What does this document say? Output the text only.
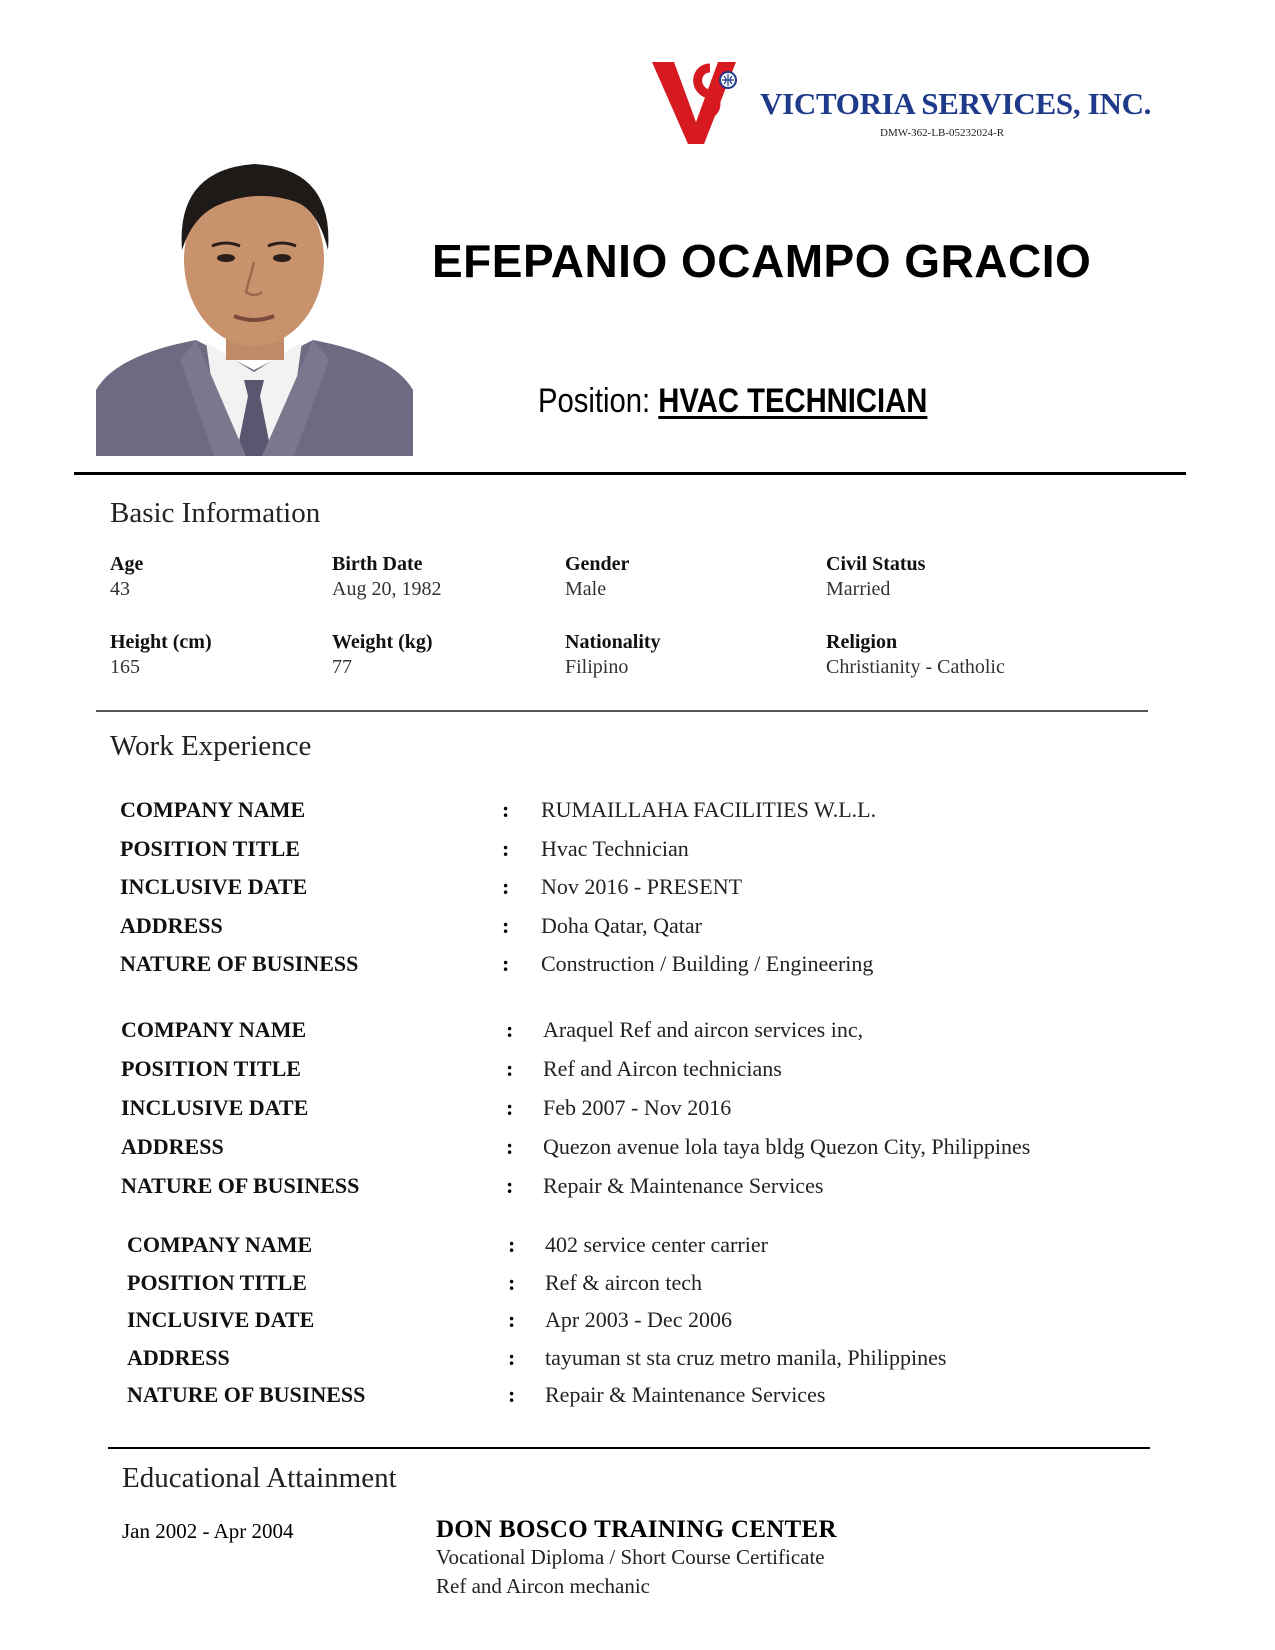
VICTORIA SERVICES, INC.
DMW-362-LB-05232024-R
EFEPANIO OCAMPO GRACIO
Position: HVAC TECHNICIAN
Basic Information
Age
43
Birth Date
Aug 20, 1982
Gender
Male
Civil Status
Married
Height (cm)
165
Weight (kg)
77
Nationality
Filipino
Religion
Christianity - Catholic
Work Experience
COMPANY NAME	: RUMAILLAHA FACILITIES W.L.L.
POSITION TITLE	: Hvac Technician
INCLUSIVE DATE	: Nov 2016 - PRESENT
ADDRESS	: Doha Qatar, Qatar
NATURE OF BUSINESS	: Construction / Building / Engineering
COMPANY NAME	: Araquel Ref and aircon services inc,
POSITION TITLE	: Ref and Aircon technicians
INCLUSIVE DATE	: Feb 2007 - Nov 2016
ADDRESS	: Quezon avenue lola taya bldg Quezon City, Philippines
NATURE OF BUSINESS	: Repair & Maintenance Services
COMPANY NAME	: 402 service center carrier
POSITION TITLE	: Ref & aircon tech
INCLUSIVE DATE	: Apr 2003 - Dec 2006
ADDRESS	: tayuman st sta cruz metro manila, Philippines
NATURE OF BUSINESS	: Repair & Maintenance Services
Educational Attainment
Jan 2002 - Apr 2004	DON BOSCO TRAINING CENTER
Vocational Diploma / Short Course Certificate
Ref and Aircon mechanic
